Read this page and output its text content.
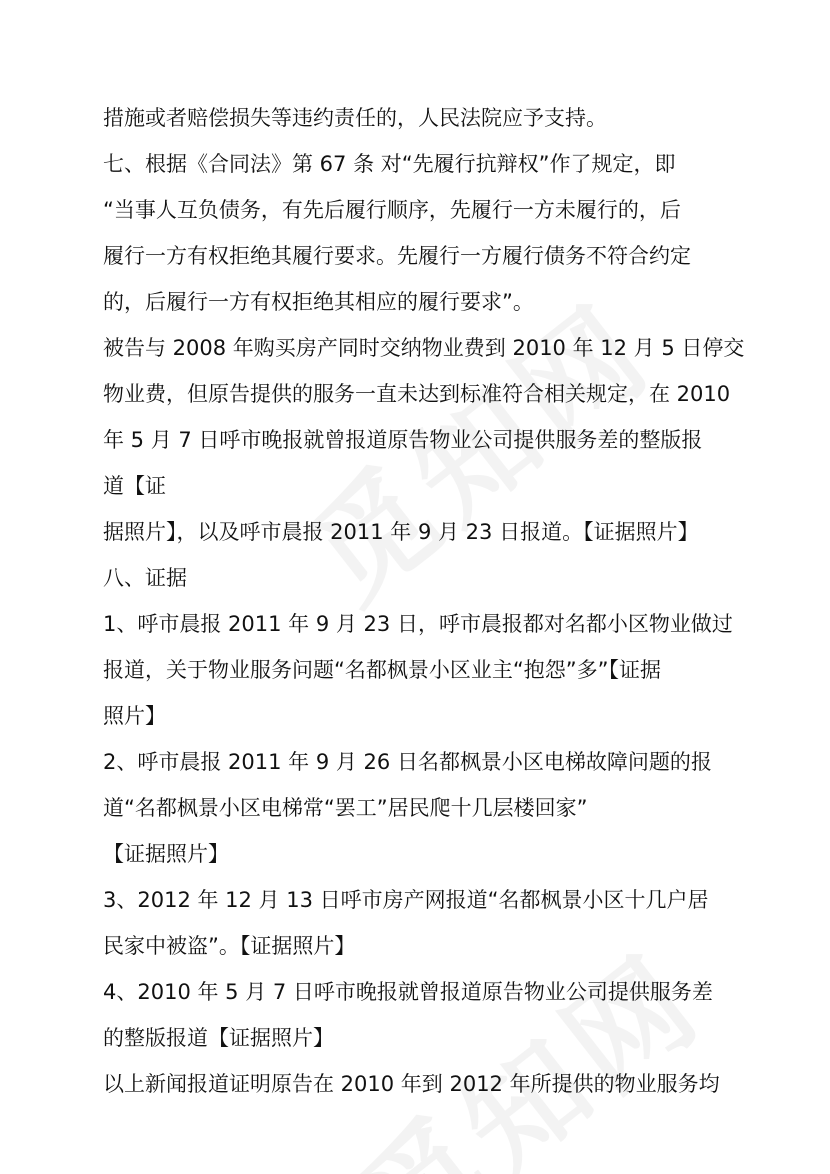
措施或者赔偿损失等违约责任的，人民法院应予支持。

七、根据《合同法》第 67 条 对“先履行抗辩权”作了规定，即

“当事人互负债务，有先后履行顺序，先履行一方未履行的，后

履行一方有权拒绝其履行要求。先履行一方履行债务不符合约定

的，后履行一方有权拒绝其相应的履行要求”。

被告与 2008 年购买房产同时交纳物业费到 2010 年 12 月 5 日停交

物业费，但原告提供的服务一直未达到标准符合相关规定，在 2010

年 5 月 7 日呼市晚报就曾报道原告物业公司提供服务差的整版报

道【证

据照片】，以及呼市晨报 2011 年 9 月 23 日报道。【证据照片】

八、证据

1、呼市晨报 2011 年 9 月 23 日，呼市晨报都对名都小区物业做过

报道，关于物业服务问题“名都枫景小区业主“抱怨”多”【证据

照片】

2、呼市晨报 2011 年 9 月 26 日名都枫景小区电梯故障问题的报

道“名都枫景小区电梯常“罢工”居民爬十几层楼回家”

【证据照片】

3、2012 年 12 月 13 日呼市房产网报道“名都枫景小区十几户居

民家中被盗”。【证据照片】

4、2010 年 5 月 7 日呼市晚报就曾报道原告物业公司提供服务差

的整版报道【证据照片】

以上新闻报道证明原告在 2010 年到 2012 年所提供的物业服务均
